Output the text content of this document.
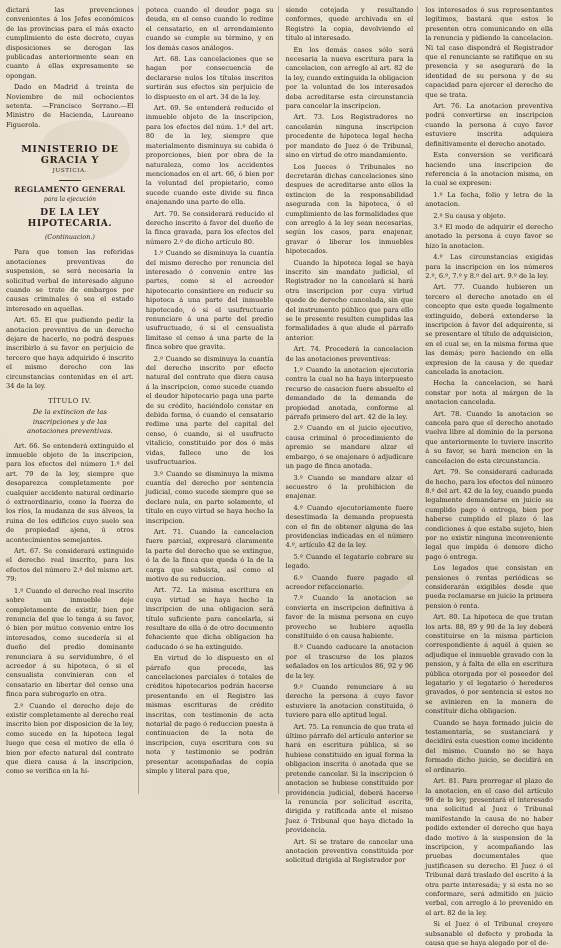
dictará las prevenciones convenientes á los Jefes económicos de las provincias para el más exacto cumplimiento de este decreto, cuyas disposiciones se derogan las publicadas anteriormente sean en cuanto á ellas expresamente se opongan.

Dado en Madrid á treinta de Noviembre de mil ochocientos setenta. —Francisco Serrano.—El Ministro de Hacienda, Laureano Figuerola.

MINISTERIO DE GRACIA Y
JUSTICIA.
REGLAMENTO GENERAL
para la ejecución
DE LA LEY HIPOTECARIA.
(Continuacion.)

Para que tomen las referidas anotaciones preventivas de suspension, se será necesaria la solicitud verbal de interesado alguno cuando se trate de embargos por causas criminales ó sea el estado interesado en aquellas.

Art. 65. El que pudiendo pedir la anotacion preventiva de un derecho dejare de hacerlo, no podrá despues inscribirlo á su favor en perjuicio de tercero que haya adquirido é inscrito el mismo derecho con las circunstancias contenidas en el art. 34 de la ley.

TÍTULO IV.
De la extincion de las inscripciones y de las anotaciones preventivas.

Art. 66. Se entenderá extinguido el inmueble objeto de la inscripcion, para los efectos del número 1.º del art. 79 de la ley, siempre que desaparezca completamente por cualquier accidente natural ordinario ó extraordinario, como la fuerza de los ríos, la mudanza de sus álveos, la ruina de los edificios cuyo suelo sea de propiedad ajena, ú otros acontecimientos semejantes.

Art. 67. Se considerará extinguido el derecho real inscrito, para los efectos del número 2.º del mismo art. 79:

1.º Cuando el derecho real inscrito sobre un inmueble deje completamente de existir, bien por renuncia del que lo tenga á su favor, ó bien por mútuo convenio entre los interesados, como sucedería si el dueño del predio dominante renunciara á su servidumbre, ó el acreedor á su hipoteca, ó si el censualista convinieran con el censatario en libertar del censo una finca para subrogarlo en otra.

2.º Cuando el derecho deje de existir completamente al derecho real inscrito bien por disposicion de la ley, como sucede en la hipoteca legal luego que cesa el motivo de ella ó bien por efecto natural del contrato que diera causa á la inscripcion, como se verifica en la hi-

poteca cuando el deudor paga su deuda, en el censo cuando lo redime el censatario, en el arrendamiento cuando se cumple su término, y en los demás casos análogos.

Art. 68. Las cancelaciones que se hagan por consecuencia de declararse nulos los títulos inscritos surtirán sus efectos sin perjuicio de lo dispuesto en el art. 34 de la ley.

Art. 69. Se entenderá reducido el inmueble objeto de la inscripcion, para los efectos del núm. 1.º del art. 80 de la ley, siempre que materialmente disminuya su cabida ó proporciones, bien por obra de la naturaleza, como los accidentes mencionados en el art. 66, ó bien por la voluntad del propietario, como sucede cuando este divide su finca enajenando una parte de ella.

Art. 70. Se considerará reducido el derecho inscrito á favor del dueño de la finca gravada, para los efectos del número 2.º de dicho artículo 80.

1.º Cuando se disminuya la cuantía del mismo derecho por renuncia del interesado ó convenio entre las partes, como si el acreedor hipotecario consintiere en reducir su hipoteca á una parte del inmueble hipotecado, ó si el usufructuario renunciare á una parte del predio usufructuado, ó si el censualista limitase el censo á una parte de la finca sobre que gravita.

2.º Cuando se disminuya la cuantía del derecho inscrito por efecto natural del contrato que diera causa á la inscripcion, como sucede cuando el deudor hipotecario paga una parte de su crédito, haciéndolo constar en debida forma, ó cuando el censatario redime una parte del capital del censo, ó cuando, si el usufructo vitalicio, constituido por dos ó más vidas, fallece uno de los usufructuarios.

3.º Cuando se disminuya la misma cuantía del derecho por sentencia judicial, como sucede siempre que se declare nula, en parte solamente, el título en cuyo virtud se haya hecho la inscripcion.

Art. 71. Cuando la cancelacion fuere parcial, expresará claramente la parte del derecho que se extingue, ó la de la finca que queda ó la de la carga que subsista, así como el motivo de su reduccion.

Art. 72. La misma escritura en cuya virtud se haya hecho la inscripcion de una obligacion será título suficiente para cancelarla, si resultare de ella ó de otro documento fehaciente que dicha obligacion ha caducado ó se ha extinguido.

En virtud de lo dispuesto en el párrafo que precede, las cancelaciones parciales ó totales de créditos hipotecarios podrán hacerse presentando en el Registro las mismas escrituras de crédito inscritas, con testimonio de acta notarial de pago ó reduccion puesta á continuacion de la nota de inscripcion, cuya escritura con su nota y testimonio se podrán presentar acompañadas de copia simple y literal para que,

siendo cotejada y resultando conformes, quede archivada en el Registro la copia, devolviendo el título al interesado.

En los demás casos sólo será necesaria la nueva escritura para la cancelacion, con arreglo al art. 82 de la ley, cuando extinguida la obligacion por la voluntad de los interesados deba acreditarse esta circunstancia para cancelar la inscripcion.

Art. 73. Los Registradores no cancelarán ninguna inscripcion procedente de hipoteca legal hecha por mandato de Juez ó de Tribunal, sino en virtud de otro mandamiento.

Los Jueces ó Tribunales no decretarán dichas cancelaciones sino despues de acreditarse ante ellos la extincion de la responsabilidad asegurada con la hipoteca, ó el cumplimiento de las formalidades que con arreglo á la ley sean necesarias, según los casos, para enajenar, gravar ó liberar los inmuebles hipotecados.

Cuando la hipoteca legal se haya inscrito sin mandato judicial, el Registrador no la cancelará si hará otra inscripcion por cuya virtud quede de derecho cancelada, sin que del instrumento público que para ello se le presente resulten cumplidas las formalidades á que alude el párrafo anterior.

Art. 74. Procederá la cancelacion de las anotaciones preventivas:

1.º Cuando la anotacion ejecutoria contra la cual no ha haya interpuesto recurso de casacion fuere absuelto el demandado de la demanda de propiedad anotada, conforme al párrafo primero del art. 42 de la ley.

2.º Cuando en el juicio ejecutivo, causa criminal ó procedimiento de apremio se mandare alzar el embargo, ó se enajenare ó adjudicare un pago de finca anotada.

3.º Cuando se mandare alzar el secuestro ó la prohibicion de enajenar.

4.º Cuando ejecutoriamente fuere desestimada la demanda propuesta con el fin de obtener alguna de las providencias indicadas en el número 4.º, artículo 42 de la ley.

5.º Cuando el legatario cobrare su legado.

6.º Cuando fuere pagado el acreedor refaccionario.

7.º Cuando la anotacion se convierta en inscripcion definitiva á favor de la misma persona en cuyo provecho se hubiere aquella constituido ó en causa habiente.

8.º Cuando caducare la anotacion por el trascurso de los plazos señalados en los artículos 86, 92 y 96 de la ley.

9.º Cuando renunciare á su derecho la persona á cuyo favor estuviere la anotacion constituida, ó tuviere para ello aptitud legal.

Art. 75. La renuncia de que trata el último párrafo del artículo anterior se hará en escritura pública, si se hubiese constituido en igual forma la obligacion inscrita ó anotada que se pretende cancelar. Si la inscripcion ó anotacion se hubiese constituido por providencia judicial, deberá hacerse la renuncia por solicitud escrita, dirigida y ratificada ante el mismo Juez ó Tribunal que haya dictado la providencia.

Art. Si se tratare de cancelar una anotacion preventiva constituida por solicitud dirigida al Registrador por

los interesados ó sus representantes legítimos, bastará que estos le presenten otra comunicando en ella la renuncia y pidiendo la cancelacion. Ni tal caso dispondrá el Registrador que el renunciante se ratifique en su presencia y se asegurará de la identidad de su persona y de su capacidad para ejercer el derecho de que se trata.

Art. 76. La anotacion preventiva podrá convertirse en inscripcion cuando la persona á cuyo favor estuviere inscrita adquiera definitivamente el derecho anotado.

Esta conversion se verificará haciendo una inscripcion de referencia á la anotacion misma, en la cual se expresen:

1.º La fecha, folio y letra de la anotacion.

2.º Su causa y objeto.

3.º El modo de adquirir el derecho anotado la persona á cuyo favor se hizo la anotacion.

4.º Las circunstancias exigidas para la inscripcion en los números 2.º, 6.º, 7.º y 8.º del art. 9.º de la ley.

Art. 77. Cuando hubieren un tercero el derecho anotado en el concepto que este quede legalmente extinguido, deberá extenderse la inscripcion á favor del adquirente, si se presentare el título de adquisicion, en el cual se, en la misma forma que las demás; pero haciendo en ella expresion de la causa y de quedar cancelada la anotacion.

Hecha la cancelacion, se hará constar por nota al márgen de la anotacion cancelada.

Art. 78. Cuando la anotacion se cancela para que el derecho anotado vuelva libre al dominio de la persona que anteriormente lo tuviere inscrito á su favor, se hará mencion en la cancelacion de esta circunstancia.

Art. 79. Se considerará caducada de hecho, para los efectos del número 8.º del art. 42 de la ley, cuando pueda legalmente demandarse en juicio su cumplido pago ó entrega, bien por haberse cumplido el plazo ó las condiciones á que estaba sujeto, bien por no existir ninguna inconveniente legal que impida ó demore dicho pago ó entrega.

Los legados que consistan en pensiones ó rentas periódicas se considerarán exigibles desde que pueda reclamarse en juicio la primera pension ó renta.

Art. 80. La hipoteca de que tratan los arts. 88, 89 y 90 de la ley deberá constituirse en la misma particion correspondiente á aquél á quien se adjudique el inmueble gravado con la pension, y á falta de ella en escritura pública otorgada por el poseedor del legatario y el legatario ó herederos gravados, ó por sentencia si estos no se avinieren en la manera de constituir dicha obligacion.

Cuando se haya formado juicio de testamentaría, se sustanciará y decidirá esta cuestion como incidente del mismo. Cuando no se haya formado dicho juicio, se decidirá en el ordinario.

Art. 81. Para prorrogar el plazo de la anotacion, en el caso del artículo 96 de la ley, presentará el interesado una solicitud al Juez ó Tribunal manifestando la causa de no haber podido extender el derecho que haya dado motivo á la suspension de la inscripcion, y acompañando las pruebas documentales que justificasen su derecho. El Juez ó el Tribunal dará traslado del escrito á la otra parte interesada; y si esta no se conformare, será admitido en juicio verbal, con arreglo á lo prevenido en el art. 82 de la ley.

Si el Juez ó el Tribunal creyere subsanable el defecto y probada la causa que se haya alegado por el de-
